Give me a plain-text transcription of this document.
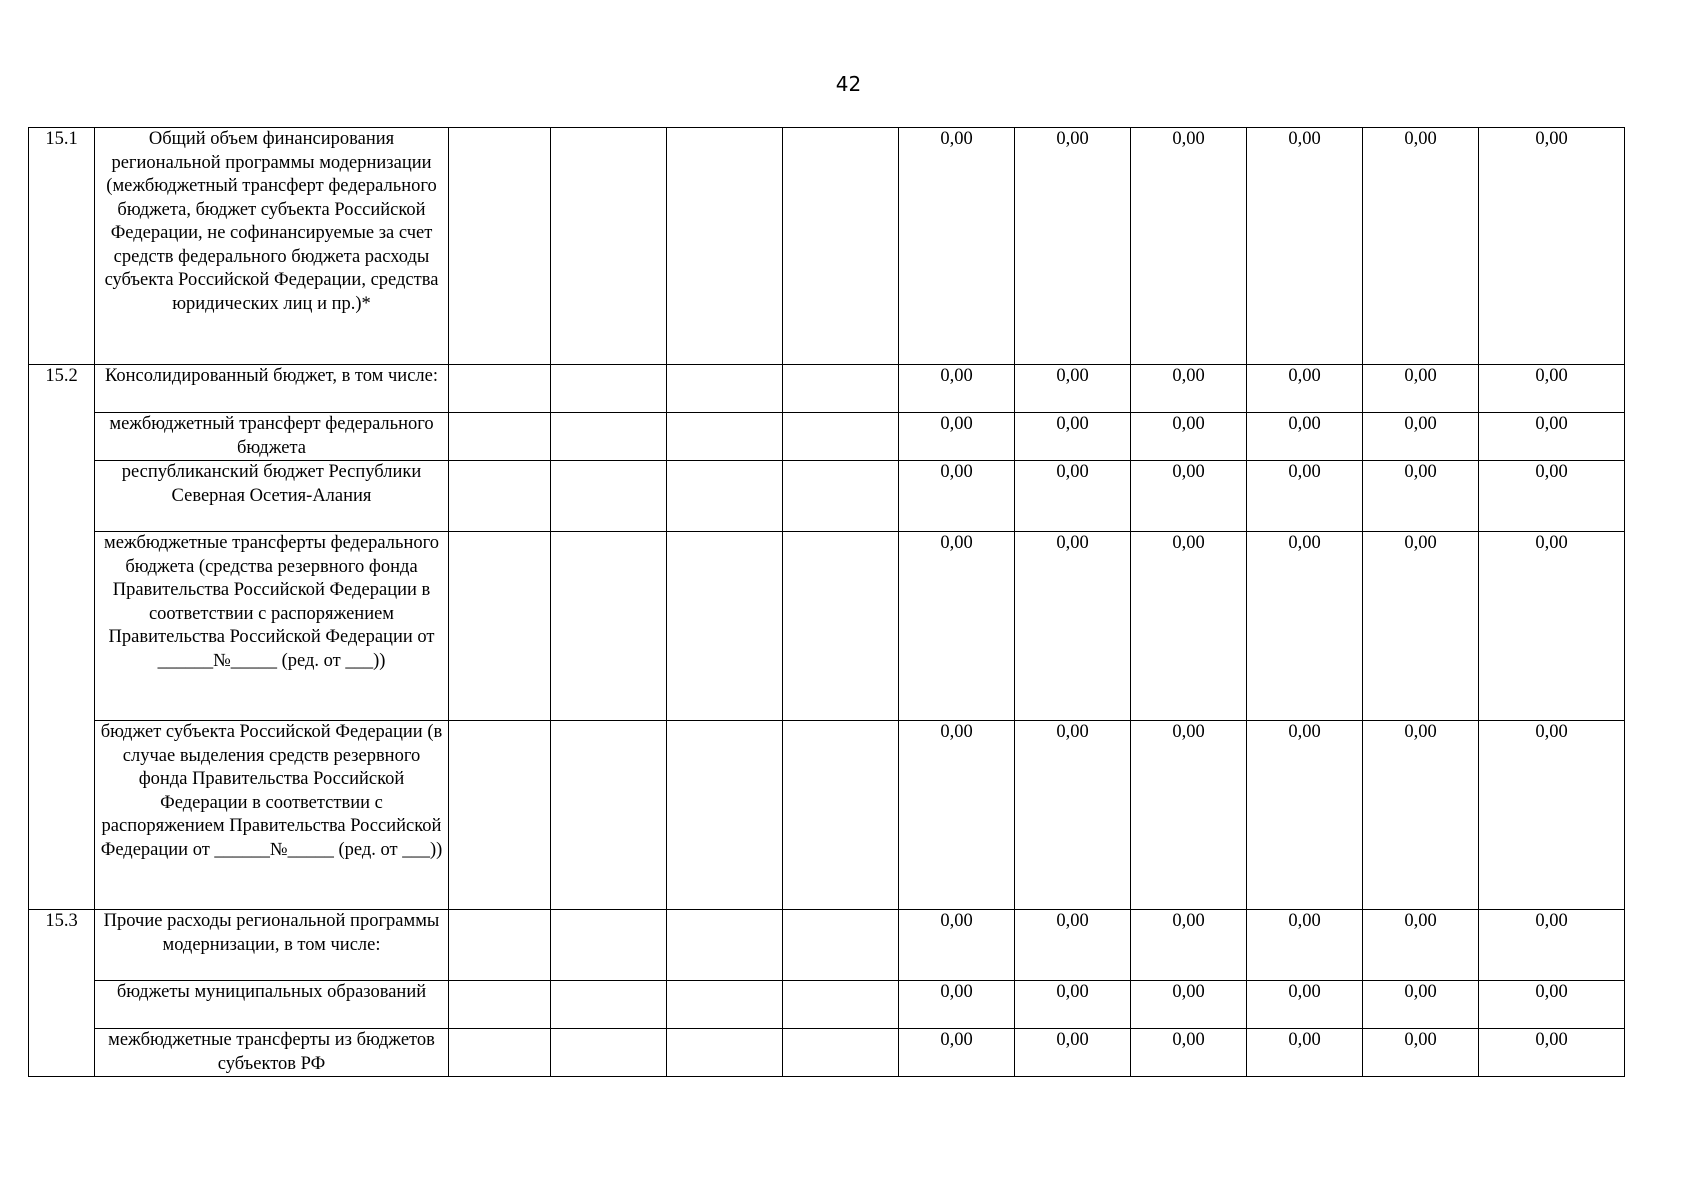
42
15.1	Общий объем финансирования региональной программы модернизации (межбюджетный трансферт федерального бюджета, бюджет субъекта Российской Федерации, не софинансируемые за счет средств федерального бюджета расходы субъекта Российской Федерации, средства юридических лиц и пр.)*					0,00	0,00	0,00	0,00	0,00	0,00
15.2	Консолидированный бюджет, в том числе:					0,00	0,00	0,00	0,00	0,00	0,00
	межбюджетный трансферт федерального бюджета					0,00	0,00	0,00	0,00	0,00	0,00
	республиканский бюджет Республики Северная Осетия-Алания					0,00	0,00	0,00	0,00	0,00	0,00
	межбюджетные трансферты федерального бюджета (средства резервного фонда Правительства Российской Федерации в соответствии с распоряжением Правительства Российской Федерации от ______№_____ (ред. от ___))					0,00	0,00	0,00	0,00	0,00	0,00
	бюджет субъекта Российской Федерации (в случае выделения средств резервного фонда Правительства Российской Федерации в соответствии с распоряжением Правительства Российской Федерации от ______№_____ (ред. от ___))					0,00	0,00	0,00	0,00	0,00	0,00
15.3	Прочие расходы региональной программы модернизации, в том числе:					0,00	0,00	0,00	0,00	0,00	0,00
	бюджеты муниципальных образований					0,00	0,00	0,00	0,00	0,00	0,00
	межбюджетные трансферты из бюджетов субъектов РФ					0,00	0,00	0,00	0,00	0,00	0,00
